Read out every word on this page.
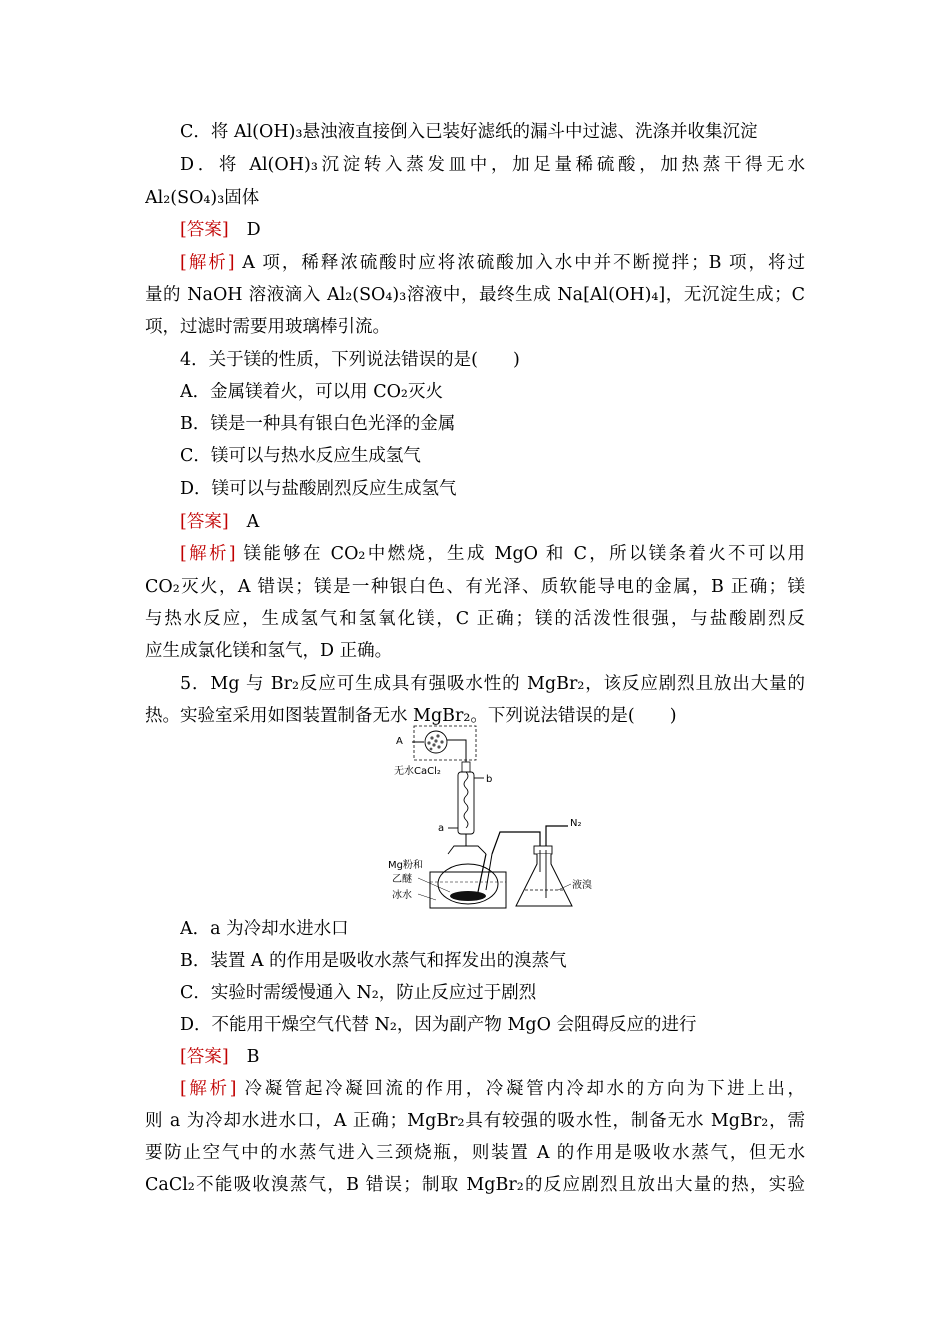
C．将 Al(OH)₃悬浊液直接倒入已装好滤纸的漏斗中过滤、洗涤并收集沉淀
D．将 Al(OH)₃沉淀转入蒸发皿中，加足量稀硫酸，加热蒸干得无水
Al₂(SO₄)₃固体
[答案] D
[解析] A 项，稀释浓硫酸时应将浓硫酸加入水中并不断搅拌；B 项，将过
量的 NaOH 溶液滴入 Al₂(SO₄)₃溶液中，最终生成 Na[Al(OH)₄]，无沉淀生成；C
项，过滤时需要用玻璃棒引流。
4．关于镁的性质，下列说法错误的是(　　)
A．金属镁着火，可以用 CO₂灭火
B．镁是一种具有银白色光泽的金属
C．镁可以与热水反应生成氢气
D．镁可以与盐酸剧烈反应生成氢气
[答案] A
[解析] 镁能够在 CO₂中燃烧，生成 MgO 和 C，所以镁条着火不可以用
CO₂灭火，A 错误；镁是一种银白色、有光泽、质软能导电的金属，B 正确；镁
与热水反应，生成氢气和氢氧化镁，C 正确；镁的活泼性很强，与盐酸剧烈反
应生成氯化镁和氢气，D 正确。
5．Mg 与 Br₂反应可生成具有强吸水性的 MgBr₂，该反应剧烈且放出大量的
热。实验室采用如图装置制备无水 MgBr₂。下列说法错误的是(　　)
A
无水CaCl₂
b
a
Mg粉和
乙醚
冰水
N₂
液溴
A．a 为冷却水进水口
B．装置 A 的作用是吸收水蒸气和挥发出的溴蒸气
C．实验时需缓慢通入 N₂，防止反应过于剧烈
D．不能用干燥空气代替 N₂，因为副产物 MgO 会阻碍反应的进行
[答案] B
[解析] 冷凝管起冷凝回流的作用，冷凝管内冷却水的方向为下进上出，
则 a 为冷却水进水口，A 正确；MgBr₂具有较强的吸水性，制备无水 MgBr₂，需
要防止空气中的水蒸气进入三颈烧瓶，则装置 A 的作用是吸收水蒸气，但无水
CaCl₂不能吸收溴蒸气，B 错误；制取 MgBr₂的反应剧烈且放出大量的热，实验
